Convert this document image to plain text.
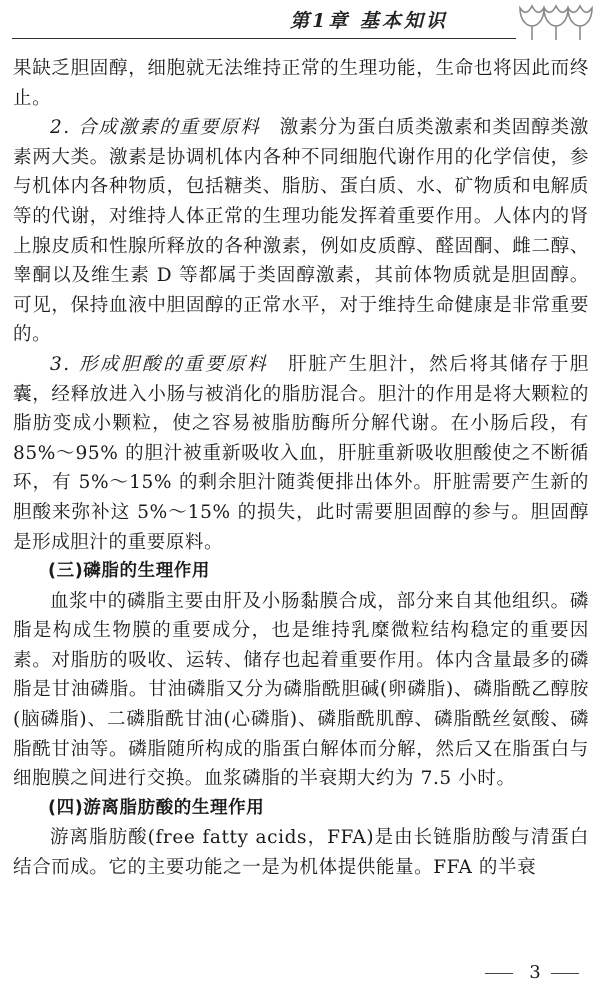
第1章 基本知识

果缺乏胆固醇，细胞就无法维持正常的生理功能，生命也将因此而终止。

2. 合成激素的重要原料　 激素分为蛋白质类激素和类固醇类激素两大类。激素是协调机体内各种不同细胞代谢作用的化学信使，参与机体内各种物质，包括糖类、脂肪、蛋白质、水、矿物质和电解质等的代谢，对维持人体正常的生理功能发挥着重要作用。人体内的肾上腺皮质和性腺所释放的各种激素，例如皮质醇、醛固酮、雌二醇、睾酮以及维生素 D 等都属于类固醇激素，其前体物质就是胆固醇。可见，保持血液中胆固醇的正常水平，对于维持生命健康是非常重要的。

3. 形成胆酸的重要原料　 肝脏产生胆汁，然后将其储存于胆囊，经释放进入小肠与被消化的脂肪混合。胆汁的作用是将大颗粒的脂肪变成小颗粒，使之容易被脂肪酶所分解代谢。在小肠后段，有 85%～95% 的胆汁被重新吸收入血，肝脏重新吸收胆酸使之不断循环，有 5%～15% 的剩余胆汁随粪便排出体外。肝脏需要产生新的胆酸来弥补这 5%～15% 的损失，此时需要胆固醇的参与。胆固醇是形成胆汁的重要原料。

(三)磷脂的生理作用

血浆中的磷脂主要由肝及小肠黏膜合成，部分来自其他组织。磷脂是构成生物膜的重要成分，也是维持乳糜微粒结构稳定的重要因素。对脂肪的吸收、运转、储存也起着重要作用。体内含量最多的磷脂是甘油磷脂。甘油磷脂又分为磷脂酰胆碱(卵磷脂)、磷脂酰乙醇胺(脑磷脂)、二磷脂酰甘油(心磷脂)、磷脂酰肌醇、磷脂酰丝氨酸、磷脂酰甘油等。磷脂随所构成的脂蛋白解体而分解，然后又在脂蛋白与细胞膜之间进行交换。血浆磷脂的半衰期大约为 7.5 小时。

(四)游离脂肪酸的生理作用

游离脂肪酸(free fatty acids，FFA)是由长链脂肪酸与清蛋白结合而成。它的主要功能之一是为机体提供能量。FFA 的半衰

3
